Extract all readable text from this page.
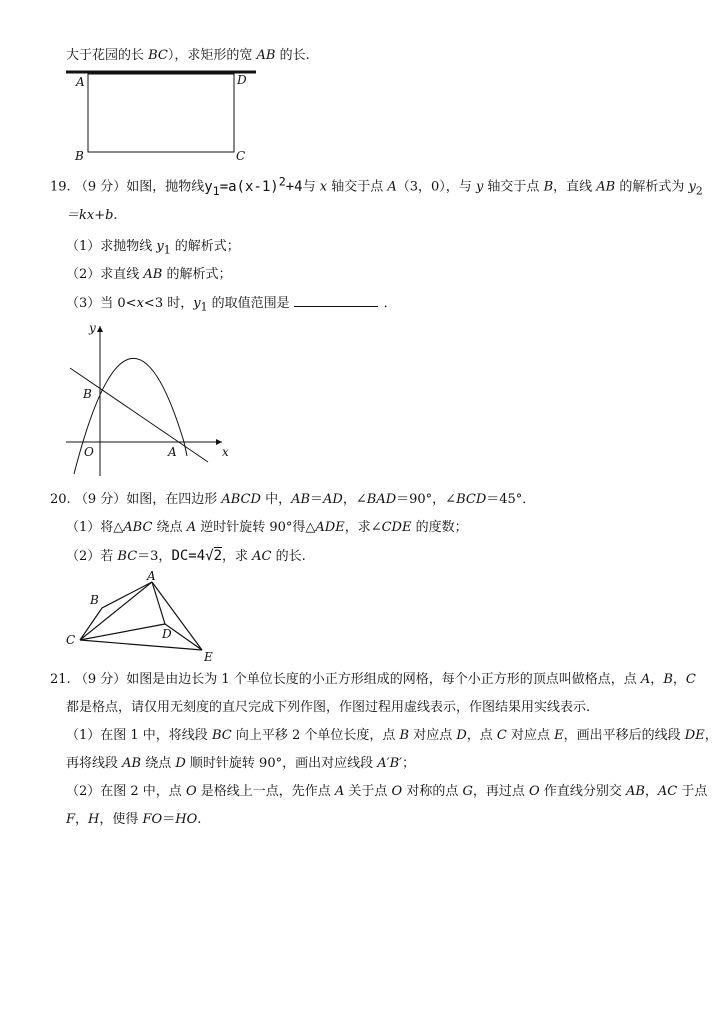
大于花园的长 BC），求矩形的宽 AB 的长.
A	D
B	C
19. （9 分）如图，抛物线$y_1=a(x-1)^2+4$与 x 轴交于点 A（3，0），与 y 轴交于点 B，直线 AB 的解析式为 $y_2$
＝kx+b.
（1）求抛物线 $y_1$ 的解析式；
（2）求直线 AB 的解析式；
（3）当 0<x<3 时，$y_1$ 的取值范围是	．
y
B
O	A	x
20. （9 分）如图，在四边形 ABCD 中，AB＝AD，∠BAD＝90°，∠BCD＝45°．
（1）将△ABC 绕点 A 逆时针旋转 90°得△ADE，求∠CDE 的度数；
（2）若 BC＝3，DC=4√2，求 AC 的长.
A
B
C	D
E
21. （9 分）如图是由边长为 1 个单位长度的小正方形组成的网格，每个小正方形的顶点叫做格点，点 A，B，C
都是格点，请仅用无刻度的直尺完成下列作图，作图过程用虚线表示，作图结果用实线表示.
（1）在图 1 中，将线段 BC 向上平移 2 个单位长度，点 B 对应点 D，点 C 对应点 E，画出平移后的线段 DE，
再将线段 AB 绕点 D 顺时针旋转 90°，画出对应线段 A′B′；
（2）在图 2 中，点 O 是格线上一点，先作点 A 关于点 O 对称的点 G，再过点 O 作直线分别交 AB，AC 于点
F，H，使得 FO＝HO.
